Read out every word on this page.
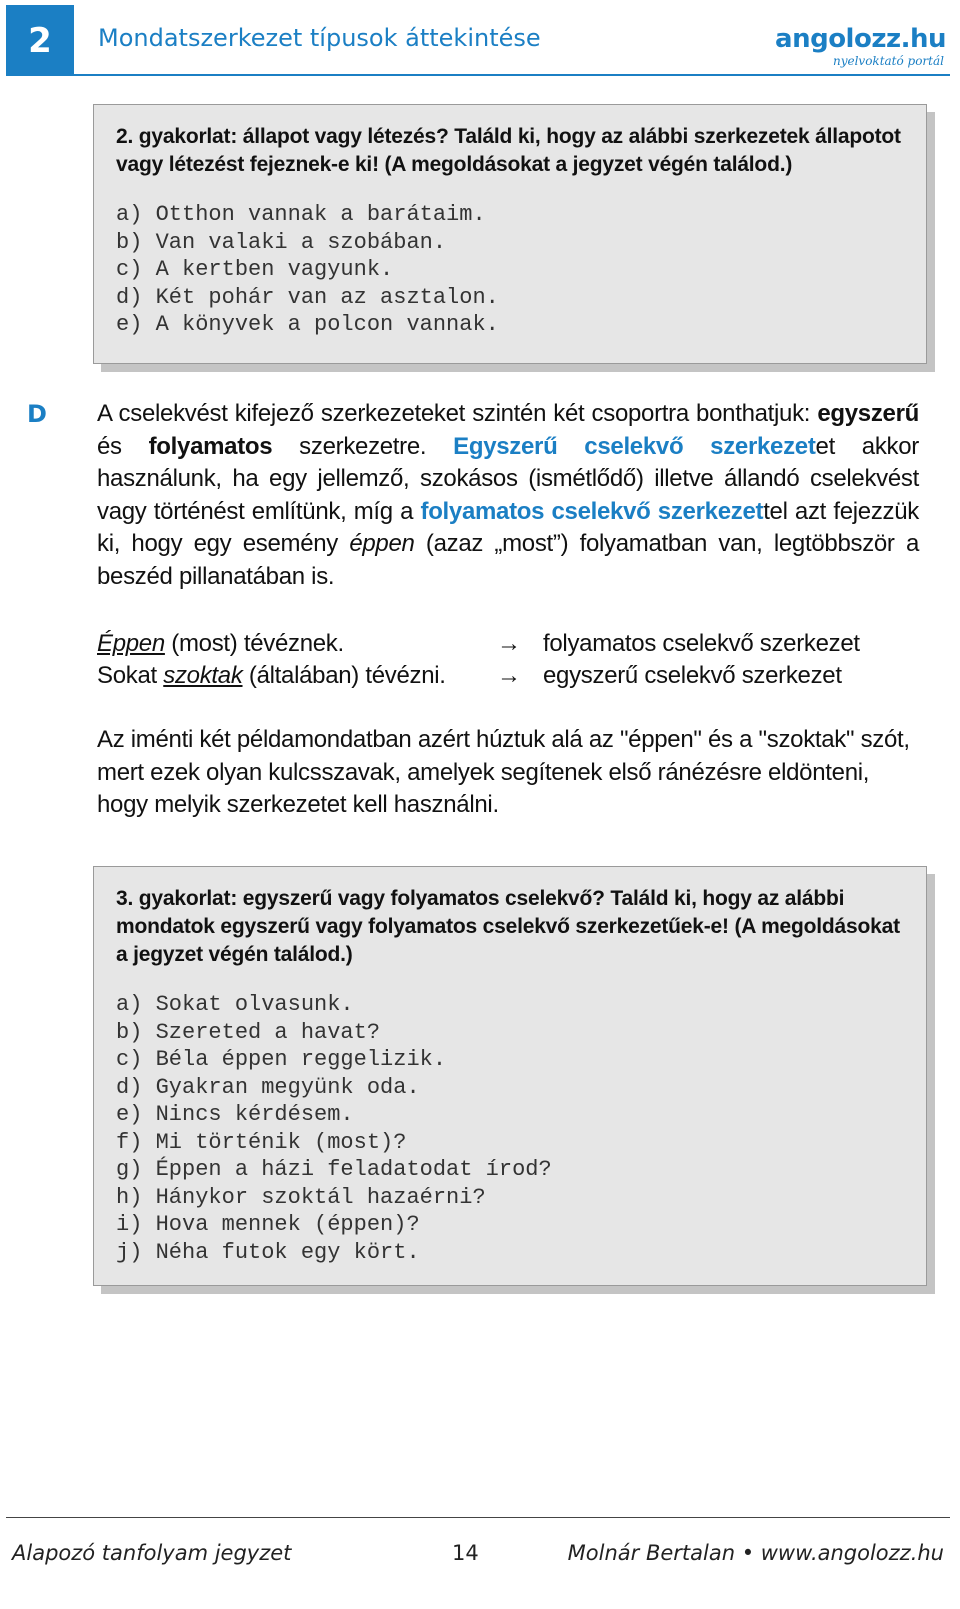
2	Mondatszerkezet típusok áttekintése	angolozz.hu
nyelvoktató portál
2. gyakorlat: állapot vagy létezés? Találd ki, hogy az alábbi szerkezetek állapotot vagy létezést fejeznek-e ki! (A megoldásokat a jegyzet végén találod.)
a) Otthon vannak a barátaim.
b) Van valaki a szobában.
c) A kertben vagyunk.
d) Két pohár van az asztalon.
e) A könyvek a polcon vannak.
D A cselekvést kifejező szerkezeteket szintén két csoportra bonthatjuk: egyszerű és folyamatos szerkezetre. Egyszerű cselekvő szerkezetet akkor használunk, ha egy jellemző, szokásos (ismétlődő) illetve állandó cselekvést vagy történést említünk, míg a folyamatos cselekvő szerkezettel azt fejezzük ki, hogy egy esemény éppen (azaz „most”) folyamatban van, legtöbbször a beszéd pillanatában is.
Éppen (most) tévéznek.	→ folyamatos cselekvő szerkezet
Sokat szoktak (általában) tévézni. → egyszerű cselekvő szerkezet
Az iménti két példamondatban azért húztuk alá az "éppen" és a "szoktak" szót, mert ezek olyan kulcsszavak, amelyek segítenek első ránézésre eldönteni, hogy melyik szerkezetet kell használni.
3. gyakorlat: egyszerű vagy folyamatos cselekvő? Találd ki, hogy az alábbi mondatok egyszerű vagy folyamatos cselekvő szerkezetűek-e! (A megoldásokat a jegyzet végén találod.)
a) Sokat olvasunk.
b) Szereted a havat?
c) Béla éppen reggelizik.
d) Gyakran megyünk oda.
e) Nincs kérdésem.
f) Mi történik (most)?
g) Éppen a házi feladatodat írod?
h) Hánykor szoktál hazaérni?
i) Hova mennek (éppen)?
j) Néha futok egy kört.
Alapozó tanfolyam jegyzet	14	Molnár Bertalan • www.angolozz.hu
